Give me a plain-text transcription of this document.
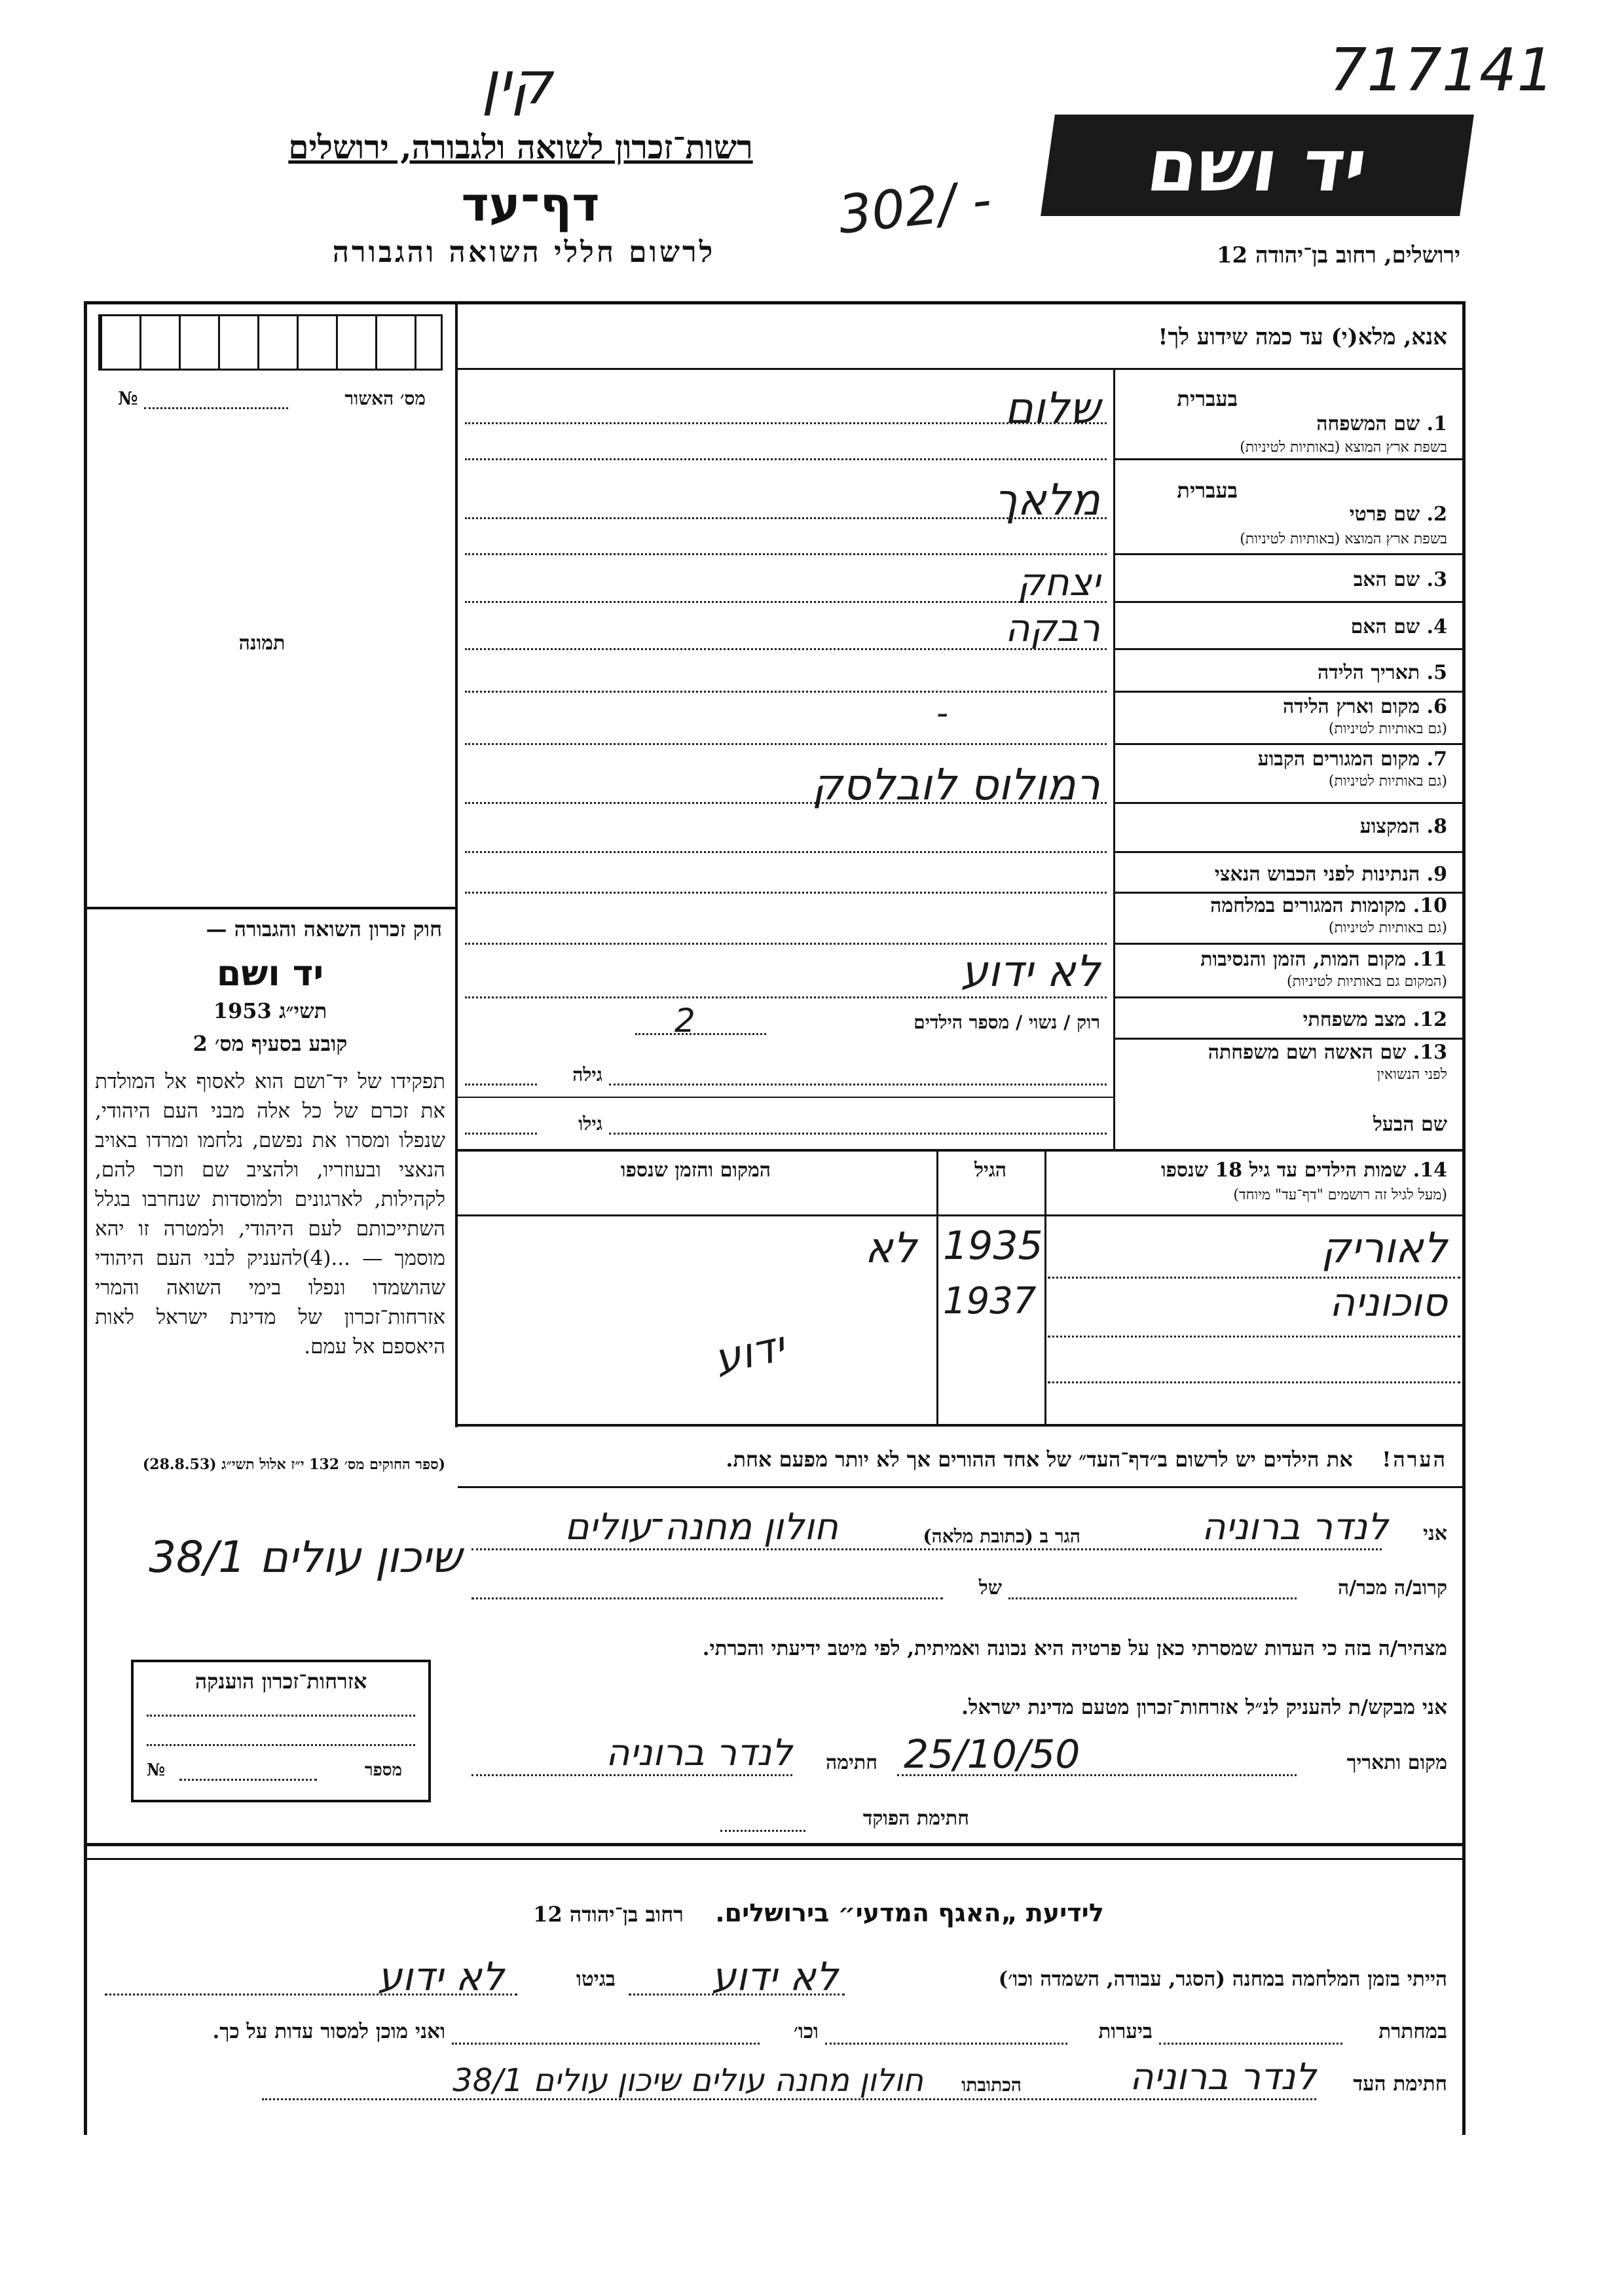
קין	717141
302/ -
רשות־זכרון לשואה ולגבורה, ירושלים
דף־עד
לרשום חללי השואה והגבורה
יד ושם
ירושלים, רחוב בן־יהודה 12
אנא, מלא(י) עד כמה שידוע לך!
מס׳ האשור
№
תמונה
בעברית
1. שם המשפחה
בשפת ארץ המוצא (באותיות לטיניות)
שלום
בעברית
2. שם פרטי
בשפת ארץ המוצא (באותיות לטיניות)
מלאך
3. שם האב
יצחק
4. שם האם
רבקה
5. תאריך הלידה
6. מקום וארץ הלידה
(גם באותיות לטיניות)
-
7. מקום המגורים הקבוע
(גם באותיות לטיניות)
רמולוס לובלסק
8. המקצוע
9. הנתינות לפני הכבוש הנאצי
10. מקומות המגורים במלחמה
(גם באותיות לטיניות)
11. מקום המות, הזמן והנסיבות
(המקום גם באותיות לטיניות)
לא ידוע
12. מצב משפחתי
רוק / נשוי / מספר הילדים
2
13. שם האשה ושם משפחתה
לפני הנשואין
גילה
שם הבעל
גילו
חוק זכרון השואה והגבורה —
יד ושם
תשי״ג 1953
קובע בסעיף מס׳ 2
תפקידו של יד־ושם הוא לאסוף אל המולדת את זכרם של כל אלה מבני העם היהודי, שנפלו ומסרו את נפשם, נלחמו ומרדו באויב הנאצי ובעוזריו, ולהציב שם וזכר להם, לקהילות, לארגונים ולמוסדות שנחרבו בגלל השתייכותם לעם היהודי, ולמטרה זו יהא מוסמך — ...(4)להעניק לבני העם היהודי שהושמדו ונפלו בימי השואה והמרי אזרחות־זכרון של מדינת ישראל לאות היאספם אל עמם.
(ספר החוקים מס׳ 132 י״ז אלול תשי״ג (28.8.53)
14. שמות הילדים עד גיל 18 שנספו
(מעל לגיל זה רושמים "דף־עד" מיוחד)
הגיל
המקום והזמן שנספו
לאוריק
1935
לא
סוכוניה
1937
ידוע
הערה!    את הילדים יש לרשום ב״דף־העד״ של אחד ההורים אך לא יותר מפעם אחת.
שיכון עולים 38/1	אני
לנדר ברוניה
הגר ב (כתובת מלאה)
חולון מחנה־עולים
קרוב/ה מכר/ה
של
מצהיר/ה בזה כי העדות שמסרתי כאן על פרטיה היא נכונה ואמיתית, לפי מיטב ידיעתי והכרתי.
אני מבקש/ת להעניק לנ״ל אזרחות־זכרון מטעם מדינת ישראל.
מקום ותאריך
25/10/50
חתימה
לנדר ברוניה
חתימת הפוקד
אזרחות־זכרון הוענקה
מספר
№
לידיעת „האגף המדעי״ בירושלים.    רחוב בן־יהודה 12
הייתי בזמן המלחמה במחנה (הסגר, עבודה, השמדה וכו׳)
לא ידוע
בגיטו
לא ידוע
במחתרת
ביערות
וכו׳
ואני מוכן למסור עדות על כך.
חתימת העד
לנדר ברוניה
הכתובתו
חולון מחנה עולים שיכון עולים 38/1
